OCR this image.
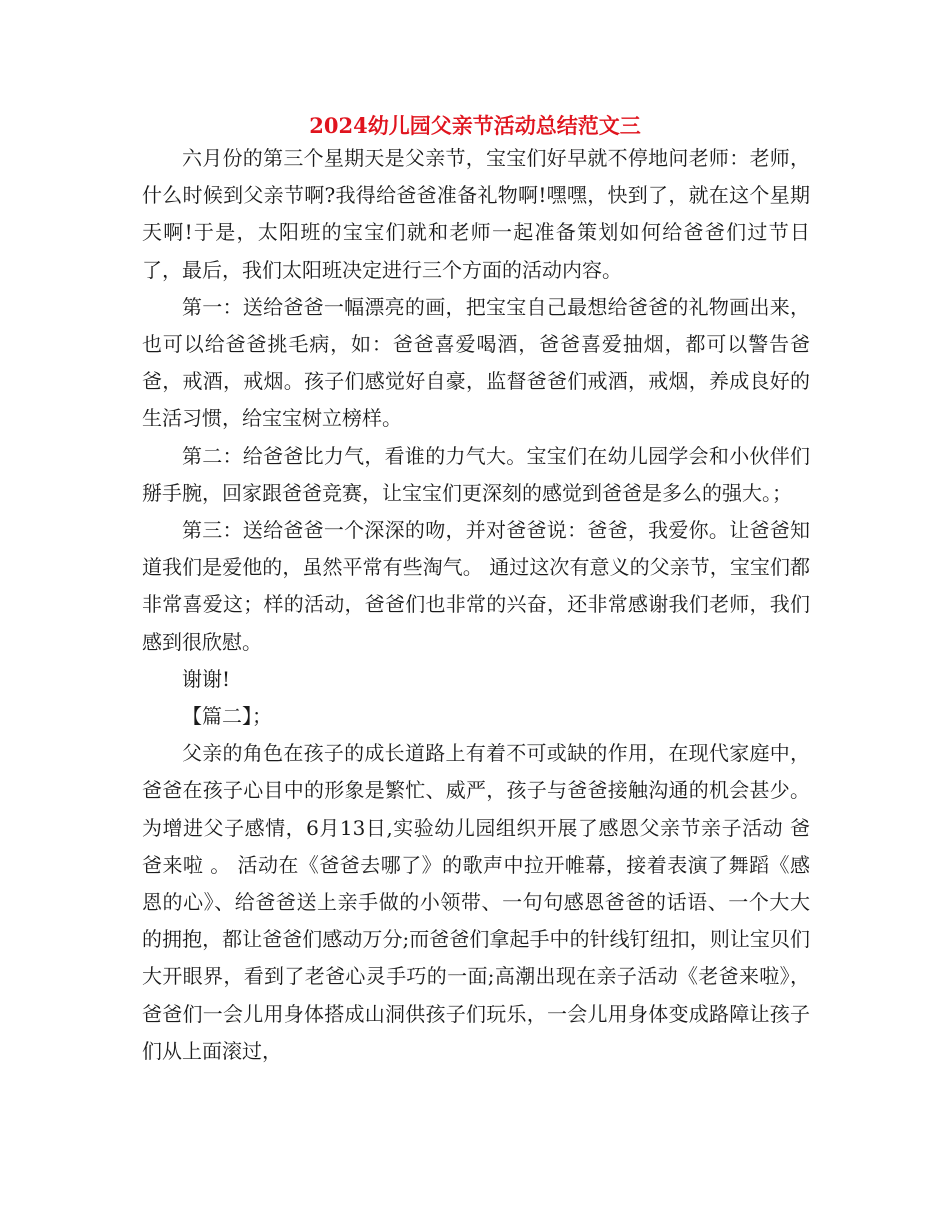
2024幼儿园父亲节活动总结范文三

六月份的第三个星期天是父亲节，宝宝们好早就不停地问老师：老师，什么时候到父亲节啊?我得给爸爸准备礼物啊!嘿嘿，快到了，就在这个星期天啊!于是，太阳班的宝宝们就和老师一起准备策划如何给爸爸们过节日了，最后，我们太阳班决定进行三个方面的活动内容。

第一：送给爸爸一幅漂亮的画，把宝宝自己最想给爸爸的礼物画出来，也可以给爸爸挑毛病，如：爸爸喜爱喝酒，爸爸喜爱抽烟，都可以警告爸爸，戒酒，戒烟。孩子们感觉好自豪，监督爸爸们戒酒，戒烟，养成良好的生活习惯，给宝宝树立榜样。

第二：给爸爸比力气，看谁的力气大。宝宝们在幼儿园学会和小伙伴们掰手腕，回家跟爸爸竞赛，让宝宝们更深刻的感觉到爸爸是多么的强大。；

第三：送给爸爸一个深深的吻，并对爸爸说：爸爸，我爱你。让爸爸知道我们是爱他的，虽然平常有些淘气。 通过这次有意义的父亲节，宝宝们都非常喜爱这；样的活动，爸爸们也非常的兴奋，还非常感谢我们老师，我们感到很欣慰。

谢谢!

【篇二】；

父亲的角色在孩子的成长道路上有着不可或缺的作用，在现代家庭中，爸爸在孩子心目中的形象是繁忙、威严，孩子与爸爸接触沟通的机会甚少。为增进父子感情，6月13日,实验幼儿园组织开展了感恩父亲节亲子活动 爸爸来啦 。 活动在《爸爸去哪了》的歌声中拉开帷幕，接着表演了舞蹈《感恩的心》、给爸爸送上亲手做的小领带、一句句感恩爸爸的话语、一个大大的拥抱，都让爸爸们感动万分;而爸爸们拿起手中的针线钉纽扣，则让宝贝们大开眼界，看到了老爸心灵手巧的一面;高潮出现在亲子活动《老爸来啦》，爸爸们一会儿用身体搭成山洞供孩子们玩乐，一会儿用身体变成路障让孩子们从上面滚过，
